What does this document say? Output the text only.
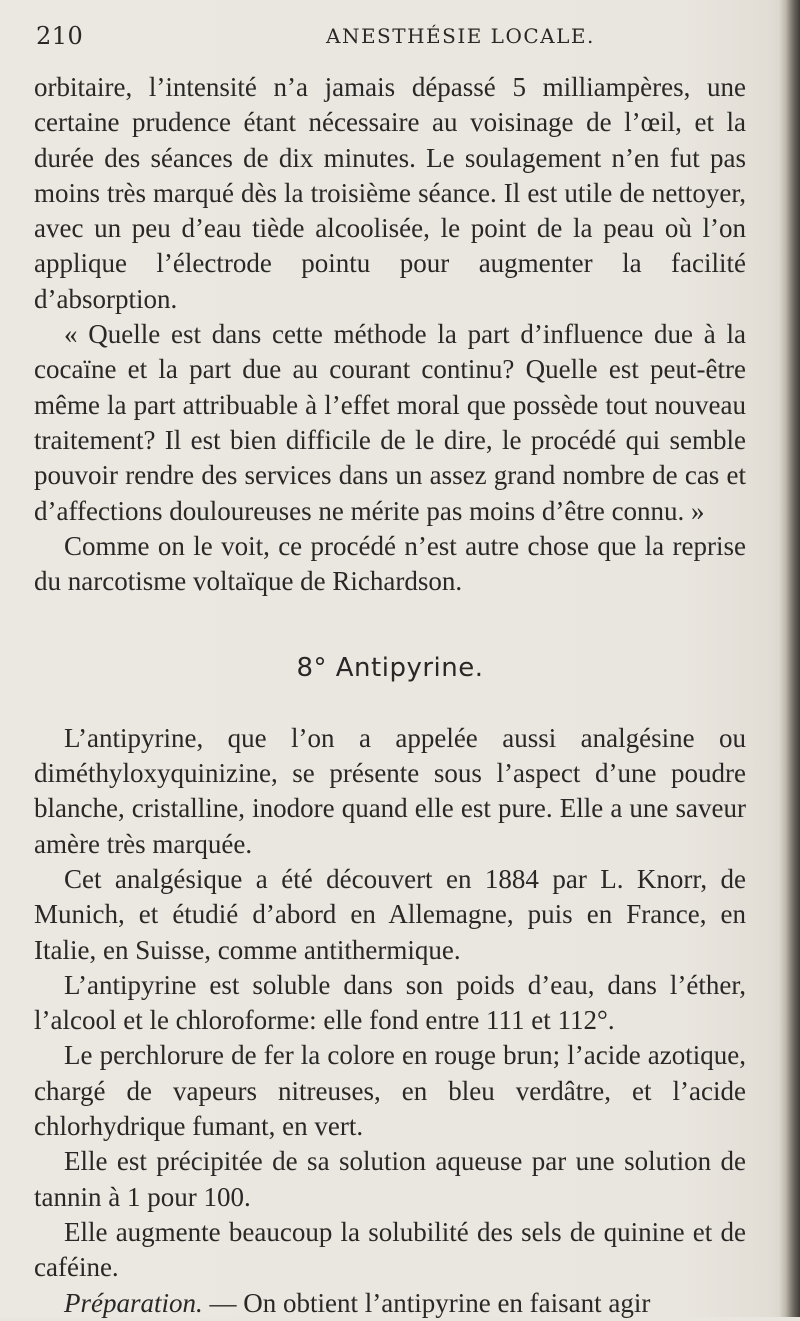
210	ANESTHÉSIE LOCALE.

orbitaire, l’intensité n’a jamais dépassé 5 milliampères, une certaine prudence étant nécessaire au voisinage de l’œil, et la durée des séances de dix minutes. Le soulagement n’en fut pas moins très marqué dès la troisième séance. Il est utile de nettoyer, avec un peu d’eau tiède alcoolisée, le point de la peau où l’on applique l’électrode pointu pour augmenter la facilité d’absorption.

« Quelle est dans cette méthode la part d’influence due à la cocaïne et la part due au courant continu? Quelle est peut-être même la part attribuable à l’effet moral que possède tout nouveau traitement? Il est bien difficile de le dire, le procédé qui semble pouvoir rendre des services dans un assez grand nombre de cas et d’affections douloureuses ne mérite pas moins d’être connu. »

Comme on le voit, ce procédé n’est autre chose que la reprise du narcotisme voltaïque de Richardson.

8° Antipyrine.

L’antipyrine, que l’on a appelée aussi analgésine ou diméthyloxyquinizine, se présente sous l’aspect d’une poudre blanche, cristalline, inodore quand elle est pure. Elle a une saveur amère très marquée.

Cet analgésique a été découvert en 1884 par L. Knorr, de Munich, et étudié d’abord en Allemagne, puis en France, en Italie, en Suisse, comme antithermique.

L’antipyrine est soluble dans son poids d’eau, dans l’éther, l’alcool et le chloroforme: elle fond entre 111 et 112°.

Le perchlorure de fer la colore en rouge brun; l’acide azotique, chargé de vapeurs nitreuses, en bleu verdâtre, et l’acide chlorhydrique fumant, en vert.

Elle est précipitée de sa solution aqueuse par une solution de tannin à 1 pour 100.

Elle augmente beaucoup la solubilité des sels de quinine et de caféine.

Préparation. — On obtient l’antipyrine en faisant agir
